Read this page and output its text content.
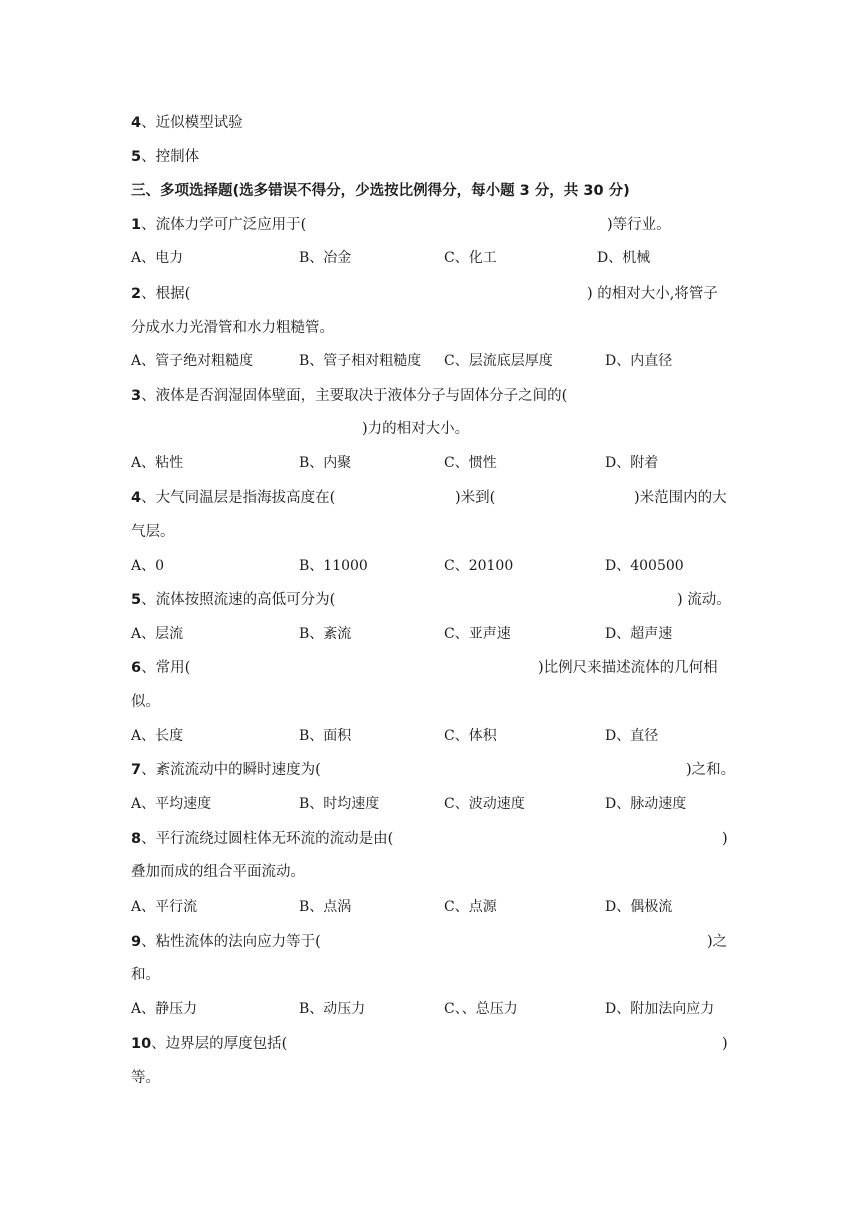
4、近似模型试验
5、控制体
三、多项选择题(选多错误不得分，少选按比例得分，每小题 3 分，共 30 分)
1、流体力学可广泛应用于(	)等行业。
A、电力	B、冶金	C、化工	D、机械
2、根据(	) 的相对大小,将管子
分成水力光滑管和水力粗糙管。
A、管子绝对粗糙度	B、管子相对粗糙度 C、层流底层厚度	D、内直径
3、液体是否润湿固体壁面，主要取决于液体分子与固体分子之间的(
)力的相对大小。
A、粘性	B、内聚	C、惯性	D、附着
4、大气同温层是指海拔高度在(	)米到(	)米范围内的大
气层。
A、0	B、11000	C、20100	D、400500
5、流体按照流速的高低可分为(	) 流动。
A、层流	B、紊流	C、亚声速	D、超声速
6、常用(	)比例尺来描述流体的几何相
似。
A、长度	B、面积	C、体积	D、直径
7、紊流流动中的瞬时速度为(	)之和。
A、平均速度	B、时均速度	C、波动速度	D、脉动速度
8、平行流绕过圆柱体无环流的流动是由(	)
叠加而成的组合平面流动。
A、平行流	B、点涡	C、点源	D、偶极流
9、粘性流体的法向应力等于(	)之
和。
A、静压力	B、动压力	C、、总压力	D、附加法向应力
10、边界层的厚度包括(	)
等。
